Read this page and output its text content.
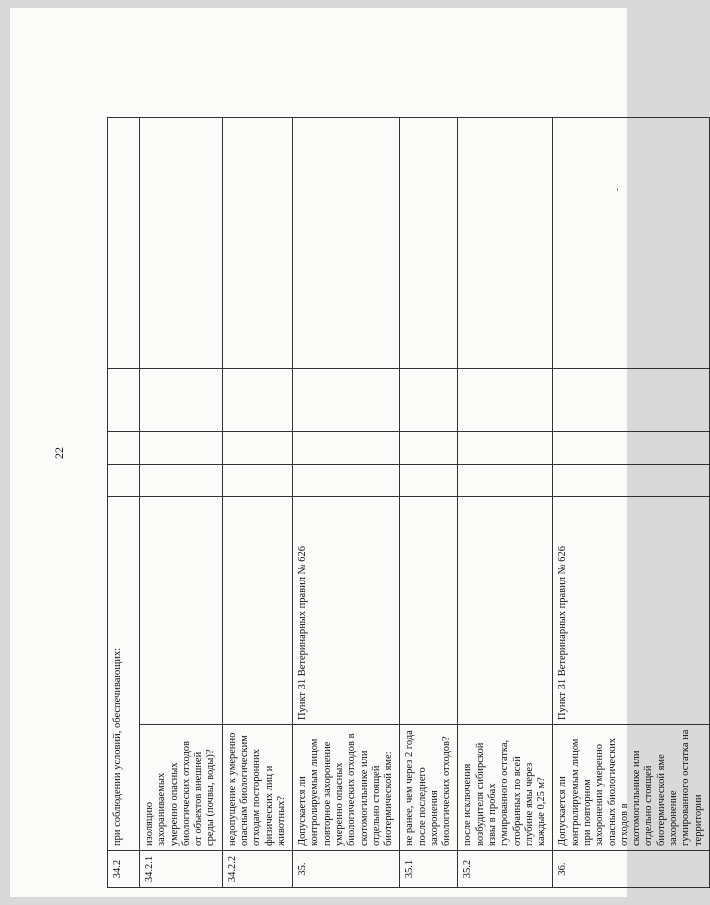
22
34.2	при соблюдении условий, обеспечивающих:					
34.2.1	изоляцию захораниваемых умеренно опасных биологических отходов от объектов внешней среды (почвы, воды)?					
34.2.2	недопущение к умеренно опасным биологическим отходам посторонних физических лиц и животных?					
35.	Допускается ли контролируемым лицом повторное захоронение умеренно опасных биологических отходов в скотомогильнике или отдельно стоящей биотермической яме:	Пункт 31 Ветеринарных правил № 626				
35.1	не ранее, чем через 2 года после последнего захоронения биологических отходов?					
35.2	после исключения возбудителя сибирской язвы в пробах гумированного остатка, отобранных по всей глубине ямы через каждые 0,25 м?					
36.	Допускается ли контролируемым лицом при повторном захоронении умеренно опасных биологических отходов в скотомогильнике или отдельно стоящей биотермической яме захоронение гумированного остатка на территории	Пункт 31 Ветеринарных правил № 626				
